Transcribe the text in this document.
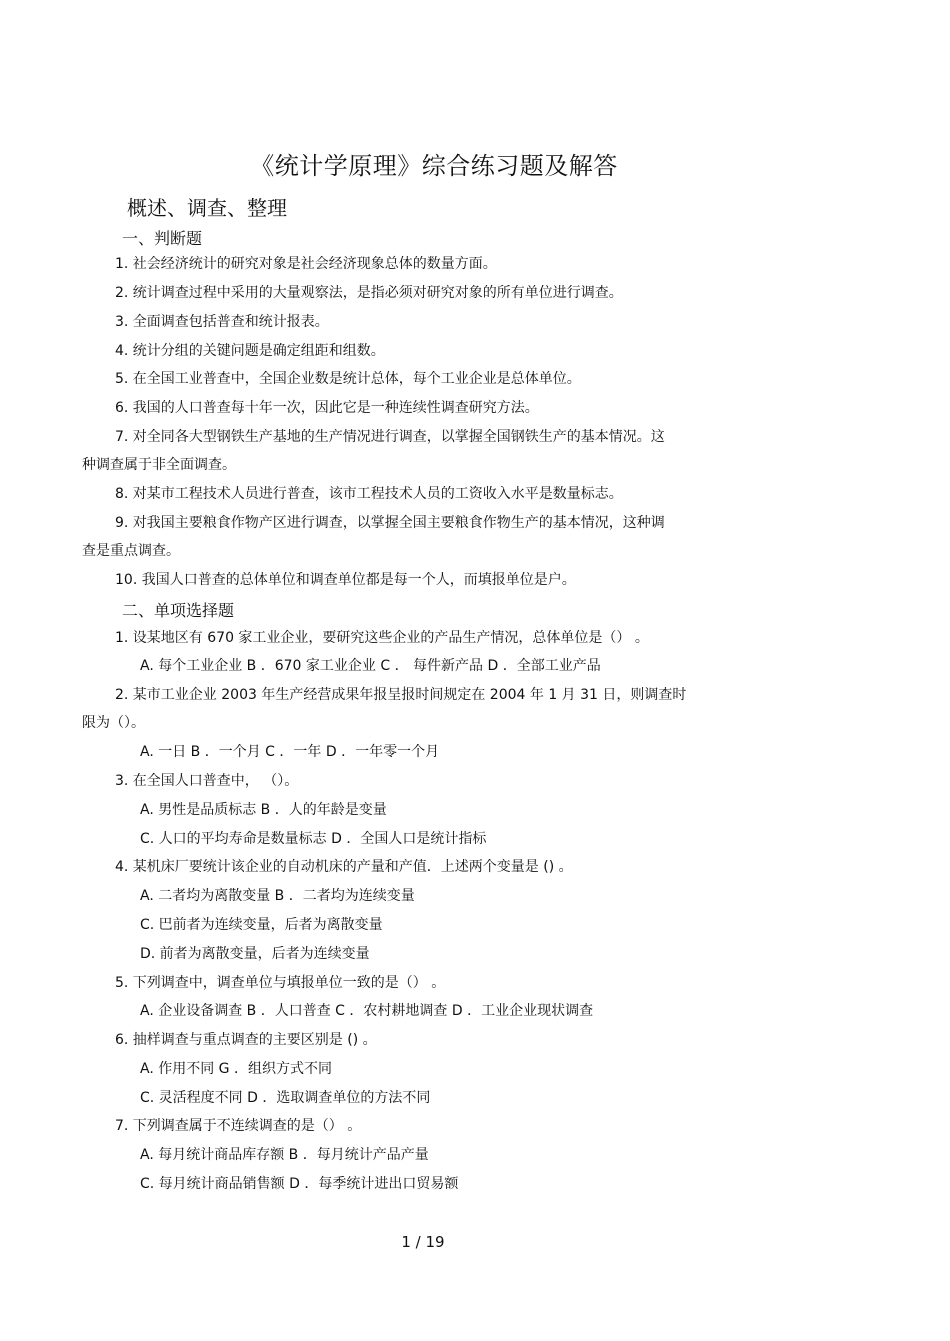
《统计学原理》综合练习题及解答
概述、调查、整理
一、判断题
1. 社会经济统计的研究对象是社会经济现象总体的数量方面。
2. 统计调查过程中采用的大量观察法，是指必须对研究对象的所有单位进行调查。
3. 全面调查包括普查和统计报表。
4. 统计分组的关键问题是确定组距和组数。
5. 在全国工业普查中，全国企业数是统计总体，每个工业企业是总体单位。
6. 我国的人口普查每十年一次，因此它是一种连续性调查研究方法。
7. 对全同各大型钢铁生产基地的生产情况进行调查，以掌握全国钢铁生产的基本情况。这
种调查属于非全面调查。
8. 对某市工程技术人员进行普查，该市工程技术人员的工资收入水平是数量标志。
9. 对我国主要粮食作物产区进行调查，以掌握全国主要粮食作物生产的基本情况，这种调
查是重点调查。
10. 我国人口普查的总体单位和调查单位都是每一个人，而填报单位是户。
二、单项选择题
1. 设某地区有 670 家工业企业，要研究这些企业的产品生产情况，总体单位是（） 。
A. 每个工业企业 B ．670 家工业企业 C ． 每件新产品 D ．全部工业产品
2. 某市工业企业 2003 年生产经营成果年报呈报时间规定在 2004 年 1 月 31 日，则调查时
限为（）。
A. 一日 B ．一个月 C ．一年 D ．一年零一个月
3. 在全国人口普查中， （）。
A. 男性是品质标志 B ．人的年龄是变量
C. 人口的平均寿命是数量标志 D ．全国人口是统计指标
4. 某机床厂要统计该企业的自动机床的产量和产值．上述两个变量是 () 。
A. 二者均为离散变量 B ．二者均为连续变量
C. 巴前者为连续变量，后者为离散变量
D. 前者为离散变量，后者为连续变量
5. 下列调查中，调查单位与填报单位一致的是（） 。
A. 企业设备调查 B ．人口普查 C ．农村耕地调查 D ．工业企业现状调查
6. 抽样调查与重点调查的主要区别是 () 。
A. 作用不同 G ．组织方式不同
C. 灵活程度不同 D ．选取调查单位的方法不同
7. 下列调查属于不连续调查的是（） 。
A. 每月统计商品库存额 B ．每月统计产品产量
C. 每月统计商品销售额 D ．每季统计进出口贸易额
1 / 19
